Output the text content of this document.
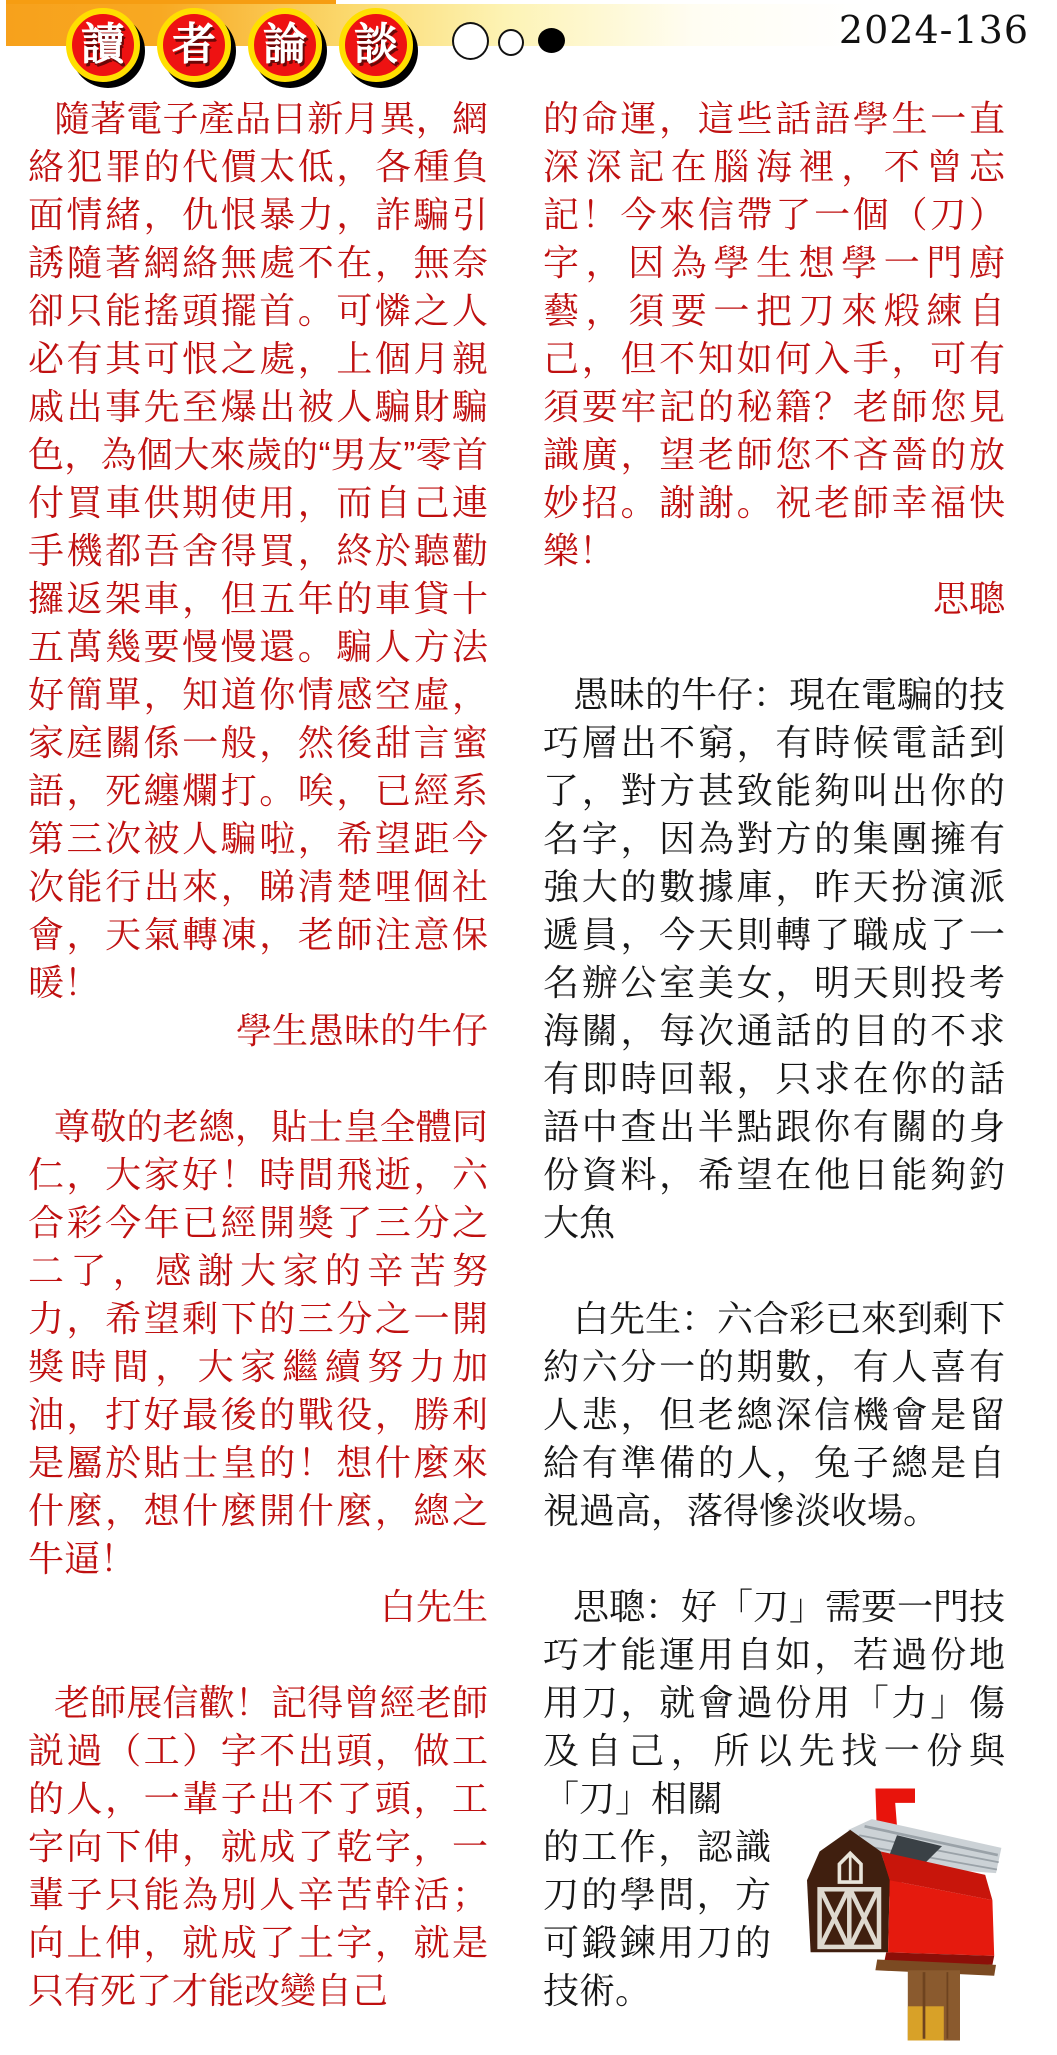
讀 者 論 談	2024-136

隨著電子產品日新月異，網絡犯罪的代價太低，各種負面情緒，仇恨暴力，詐騙引誘隨著網絡無處不在，無奈卻只能搖頭擺首。可憐之人必有其可恨之處，上個月親戚出事先至爆出被人騙財騙色，為個大來歲的“男友”零首付買車供期使用，而自己連手機都吾舍得買，終於聽勸攞返架車，但五年的車貸十五萬幾要慢慢還。騙人方法好簡單，知道你情感空虛，家庭關係一般，然後甜言蜜語，死纏爛打。唉，已經系第三次被人騙啦，希望距今次能行出來，睇清楚哩個社會，天氣轉凍，老師注意保暖！

學生愚昧的牛仔

尊敬的老總，貼士皇全體同仁，大家好！時間飛逝，六合彩今年已經開獎了三分之二了，感謝大家的辛苦努力，希望剩下的三分之一開獎時間，大家繼續努力加油，打好最後的戰役，勝利是屬於貼士皇的！想什麼來什麼，想什麼開什麼，總之牛逼！

白先生

老師展信歡！記得曾經老師説過（工）字不出頭，做工的人，一輩子出不了頭，工字向下伸，就成了乾字，一輩子只能為別人辛苦幹活；向上伸，就成了土字，就是只有死了才能改變自己

的命運，這些話語學生一直深深記在腦海裡，不曾忘記！今來信帶了一個（刀）字，因為學生想學一門廚藝，須要一把刀來煅練自己，但不知如何入手，可有須要牢記的秘籍？老師您見識廣，望老師您不吝嗇的放妙招。謝謝。祝老師幸福快樂！

思聰

愚昧的牛仔：現在電騙的技巧層出不窮，有時候電話到了，對方甚致能夠叫出你的名字，因為對方的集團擁有強大的數據庫，昨天扮演派遞員，今天則轉了職成了一名辦公室美女，明天則投考海關，每次通話的目的不求有即時回報，只求在你的話語中查出半點跟你有關的身份資料，希望在他日能夠釣大魚

白先生：六合彩已來到剩下約六分一的期數，有人喜有人悲，但老總深信機會是留給有準備的人，兔子總是自視過高，落得慘淡收場。

思聰：好「刀」需要一門技巧才能運用自如，若過份地用刀，就會過份用「力」傷及自己，所以先找一份與「刀」相關

的工作，認識刀的學問，方可鍛鍊用刀的技術。
